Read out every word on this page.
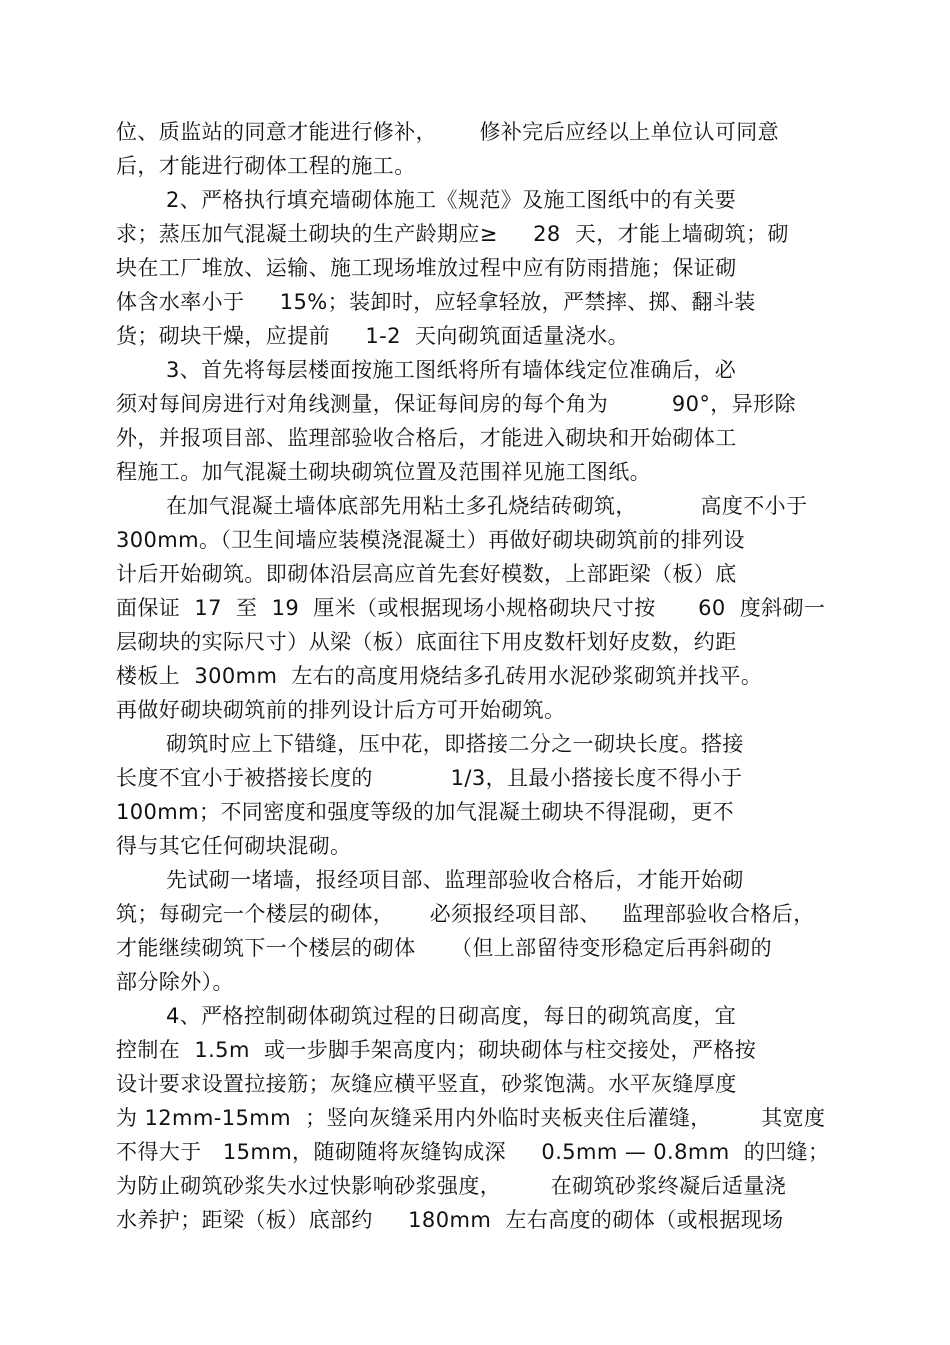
位、质监站的同意才能进行修补，      修补完后应经以上单位认可同意
后，才能进行砌体工程的施工。
2、严格执行填充墙砌体施工《规范》及施工图纸中的有关要
求；蒸压加气混凝土砌块的生产龄期应≥     28  天，才能上墙砌筑；砌
块在工厂堆放、运输、施工现场堆放过程中应有防雨措施；保证砌
体含水率小于     15%；装卸时，应轻拿轻放，严禁摔、掷、翻斗装
货；砌块干燥，应提前     1-2  天向砌筑面适量浇水。
3、首先将每层楼面按施工图纸将所有墙体线定位准确后，必
须对每间房进行对角线测量，保证每间房的每个角为         90°，异形除
外，并报项目部、监理部验收合格后，才能进入砌块和开始砌体工
程施工。加气混凝土砌块砌筑位置及范围祥见施工图纸。
在加气混凝土墙体底部先用粘土多孔烧结砖砌筑，         高度不小于
300mm。（卫生间墙应装模浇混凝土）再做好砌块砌筑前的排列设
计后开始砌筑。即砌体沿层高应首先套好模数，上部距梁（板）底
面保证  17  至  19  厘米（或根据现场小规格砌块尺寸按      60  度斜砌一
层砌块的实际尺寸）从梁（板）底面往下用皮数杆划好皮数，约距
楼板上  300mm  左右的高度用烧结多孔砖用水泥砂浆砌筑并找平。
再做好砌块砌筑前的排列设计后方可开始砌筑。
砌筑时应上下错缝，压中花，即搭接二分之一砌块长度。搭接
长度不宜小于被搭接长度的           1/3，且最小搭接长度不得小于
100mm；不同密度和强度等级的加气混凝土砌块不得混砌，更不
得与其它任何砌块混砌。
先试砌一堵墙，报经项目部、监理部验收合格后，才能开始砌
筑；每砌完一个楼层的砌体，     必须报经项目部、   监理部验收合格后，
才能继续砌筑下一个楼层的砌体     （但上部留待变形稳定后再斜砌的
部分除外）。
4、严格控制砌体砌筑过程的日砌高度，每日的砌筑高度，宜
控制在  1.5m  或一步脚手架高度内；砌块砌体与柱交接处，严格按
设计要求设置拉接筋；灰缝应横平竖直，砂浆饱满。水平灰缝厚度
为 12mm-15mm  ；竖向灰缝采用内外临时夹板夹住后灌缝，       其宽度
不得大于   15mm，随砌随将灰缝钩成深     0.5mm — 0.8mm  的凹缝；
为防止砌筑砂浆失水过快影响砂浆强度，       在砌筑砂浆终凝后适量浇
水养护；距梁（板）底部约     180mm  左右高度的砌体（或根据现场
